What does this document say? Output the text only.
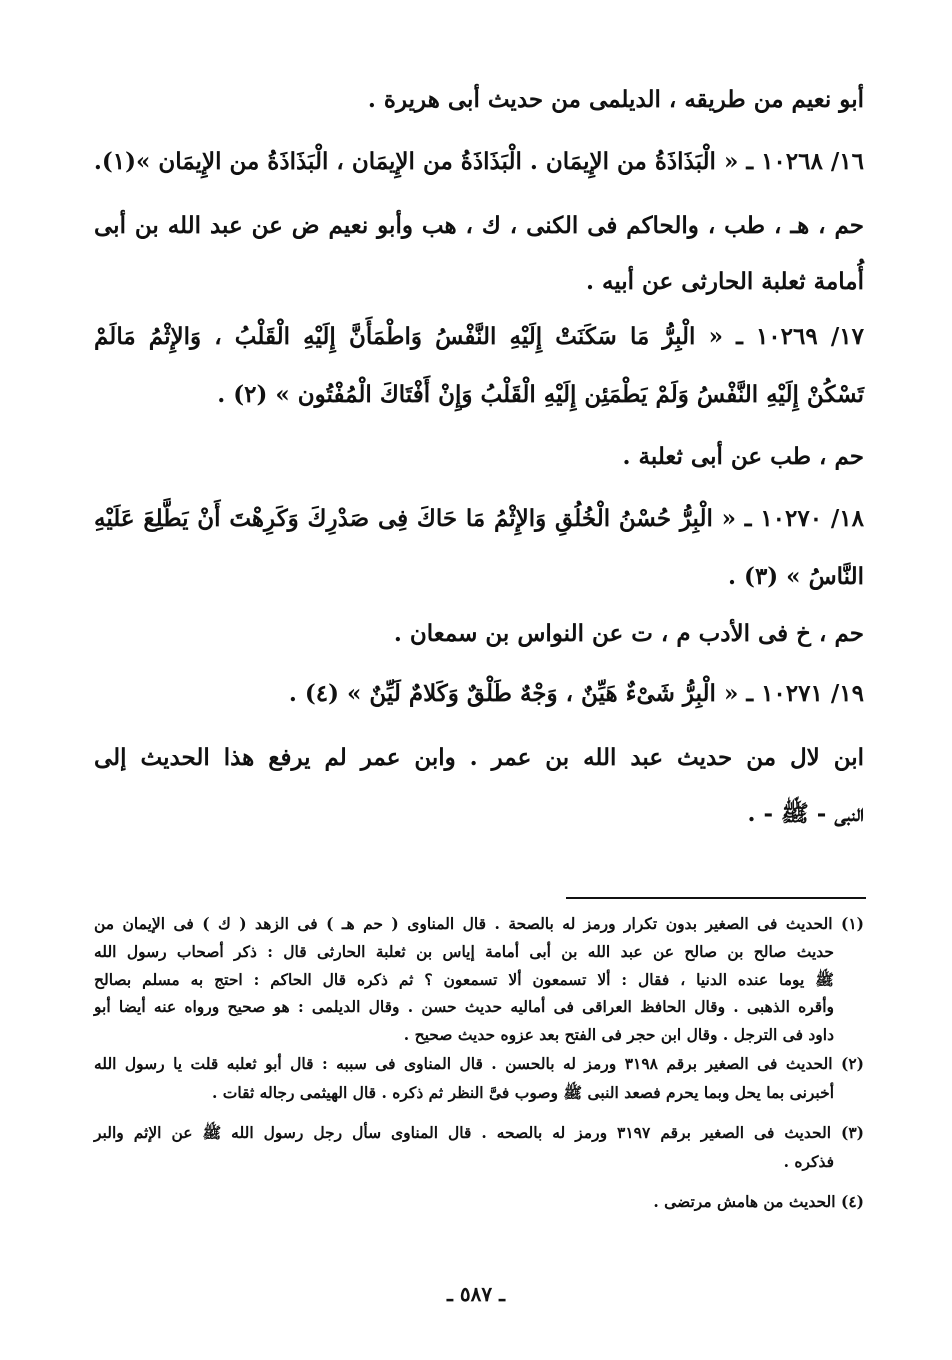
أبو نعيم من طريقه ، الديلمى من حديث أبى هريرة .
١٦/ ١٠٢٦٨ ـ « الْبَذَاذَةُ من الإِيمَان . الْبَذَاذَةُ من الإِيمَان ، الْبَذَاذَةُ من الإِيمَان »(١).
حم ، هـ ، طب ، والحاكم فى الكنى ، ك ، هب وأبو نعيم ض عن عبد الله بن أبى
أُمامة ثعلبة الحارثى عن أبيه .
١٧/ ١٠٢٦٩ ـ « الْبِرُّ مَا سَكَنَتْ إِلَيْهِ النَّفْسُ وَاطْمَأَنَّ إِلَيْهِ الْقَلْبُ ، وَالإِثْمُ مَالَمْ
تَسْكُنْ إِلَيْهِ النَّفْسُ وَلَمْ يَطْمَئِن إِلَيْهِ الْقَلْبُ وَإِنْ أَفْتَاكَ الْمُفْتُون » (٢) .
حم ، طب عن أبى ثعلبة .
١٨/ ١٠٢٧٠ ـ « الْبِرُّ حُسْنُ الْخُلُقِ وَالإِثْمُ مَا حَاكَ فِى صَدْرِكَ وَكَرِهْتَ أَنْ يَطَّلِعَ عَلَيْهِ
النَّاسُ » (٣) .
حم ، خ فى الأدب م ، ت عن النواس بن سمعان .
١٩/ ١٠٢٧١ ـ « الْبِرُّ شَىْءٌ هَيِّنٌ ، وَجْهٌ طَلْقٌ وَكَلامٌ لَيِّنٌ » (٤) .
ابن لال من حديث عبد الله بن عمر . وابن عمر لم يرفع هذا الحديث إلى
النبى - ﷺ - .
(١) الحديث فى الصغير بدون تكرار ورمز له بالصحة . قال المناوى ( حم هـ ) فى الزهد ( ك ) فى الإيمان من
حديث صالح بن صالح عن عبد الله بن أبى أمامة إياس بن ثعلبة الحارثى قال : ذكر أصحاب رسول الله
ﷺ يوما عنده الدنيا ، فقال : ألا تسمعون ألا تسمعون ؟ ثم ذكره قال الحاكم : احتج به مسلم بصالح
وأقره الذهبى . وقال الحافظ العراقى فى أماليه حديث حسن . وقال الديلمى : هو صحيح ورواه عنه أيضا أبو
داود فى الترجل . وقال ابن حجر فى الفتح بعد عزوه حديث صحيح .
(٢) الحديث فى الصغير برقم ٣١٩٨ ورمز له بالحسن . قال المناوى فى سببه : قال أبو ثعلبه قلت يا رسول الله
أخبرنى بما يحل وبما يحرم فصعد النبى ﷺ وصوب فىَّ النظر ثم ذكره . قال الهيثمى رجاله ثقات .
(٣) الحديث فى الصغير برقم ٣١٩٧ ورمز له بالصحه . قال المناوى سأل رجل رسول الله ﷺ عن الإثم والبر
فذكره .
(٤) الحديث من هامش مرتضى .
ـ ٥٨٧ ـ
